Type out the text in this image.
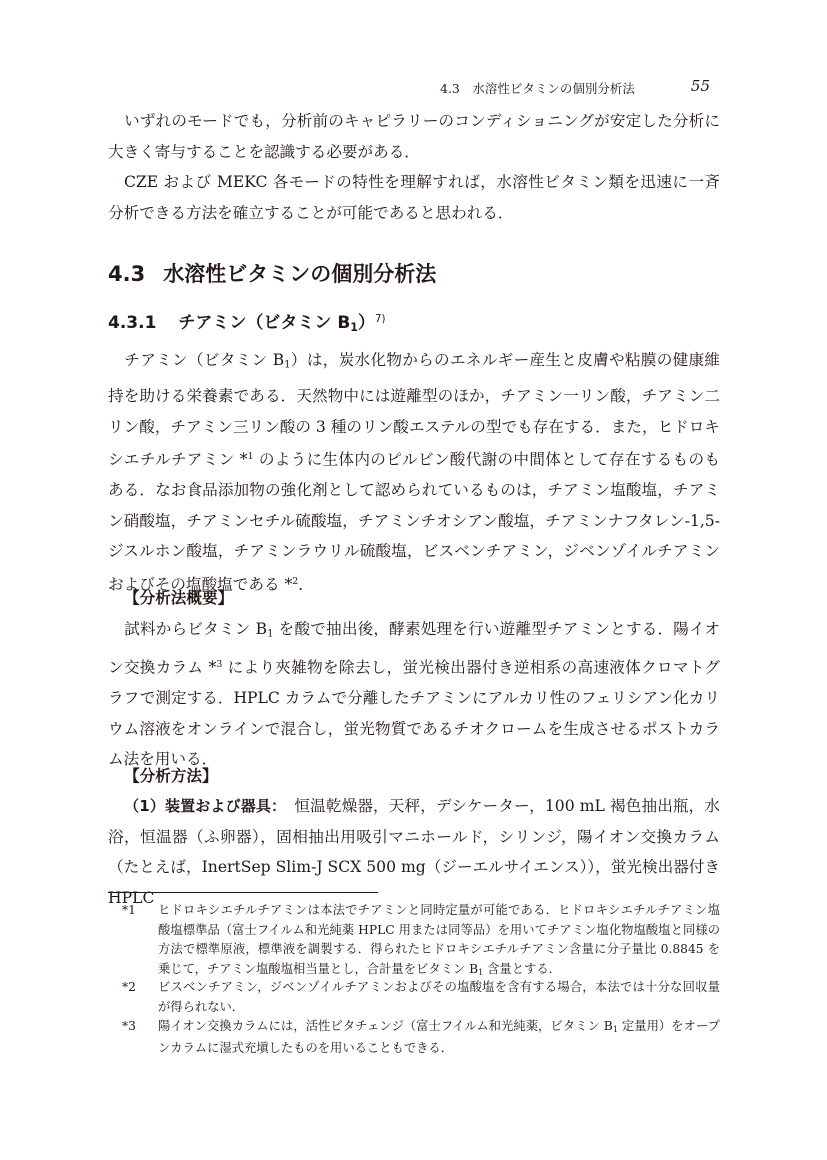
4.3　水溶性ビタミンの個別分析法	55
いずれのモードでも，分析前のキャピラリーのコンディショニングが安定した分析に大きく寄与することを認識する必要がある．
CZE および MEKC 各モードの特性を理解すれば，水溶性ビタミン類を迅速に一斉分析できる方法を確立することが可能であると思われる．
4.3 水溶性ビタミンの個別分析法
4.3.1 チアミン（ビタミン $B_1)^{7)}$
チアミン（ビタミン $B_1$）は，炭水化物からのエネルギー産生と皮膚や粘膜の健康維持を助ける栄養素である．天然物中には遊離型のほか，チアミン一リン酸，チアミン二リン酸，チアミン三リン酸の 3 種のリン酸エステルの型でも存在する．また，ヒドロキシエチルチアミン *$^1$ のように生体内のピルビン酸代謝の中間体として存在するものもある．なお食品添加物の強化剤として認められているものは，チアミン塩酸塩，チアミン硝酸塩，チアミンセチル硫酸塩，チアミンチオシアン酸塩，チアミンナフタレン-1,5-ジスルホン酸塩，チアミンラウリル硫酸塩，ビスベンチアミン，ジベンゾイルチアミンおよびその塩酸塩である *$^2$．
【分析法概要】
試料からビタミン $B_1$ を酸で抽出後，酵素処理を行い遊離型チアミンとする．陽イオン交換カラム *$^3$ により夾雑物を除去し，蛍光検出器付き逆相系の高速液体クロマトグラフで測定する．HPLC カラムで分離したチアミンにアルカリ性のフェリシアン化カリウム溶液をオンラインで混合し，蛍光物質であるチオクロームを生成させるポストカラム法を用いる．
【分析方法】
（1）装置および器具：　恒温乾燥器，天秤，デシケーター，100 mL 褐色抽出瓶，水浴，恒温器（ふ卵器），固相抽出用吸引マニホールド，シリンジ，陽イオン交換カラム（たとえば，InertSep Slim-J SCX 500 mg（ジーエルサイエンス）），蛍光検出器付き HPLC
*1 ヒドロキシエチルチアミンは本法でチアミンと同時定量が可能である．ヒドロキシエチルチアミン塩酸塩標準品（富士フイルム和光純薬 HPLC 用または同等品）を用いてチアミン塩化物塩酸塩と同様の方法で標準原液，標準液を調製する．得られたヒドロキシエチルチアミン含量に分子量比 0.8845 を乗じて，チアミン塩酸塩相当量とし，合計量をビタミン $B_1$ 含量とする．
*2 ビスベンチアミン，ジベンゾイルチアミンおよびその塩酸塩を含有する場合，本法では十分な回収量が得られない．
*3 陽イオン交換カラムには，活性ビタチェンジ（富士フイルム和光純薬，ビタミン $B_1$ 定量用）をオープンカラムに湿式充塡したものを用いることもできる．
